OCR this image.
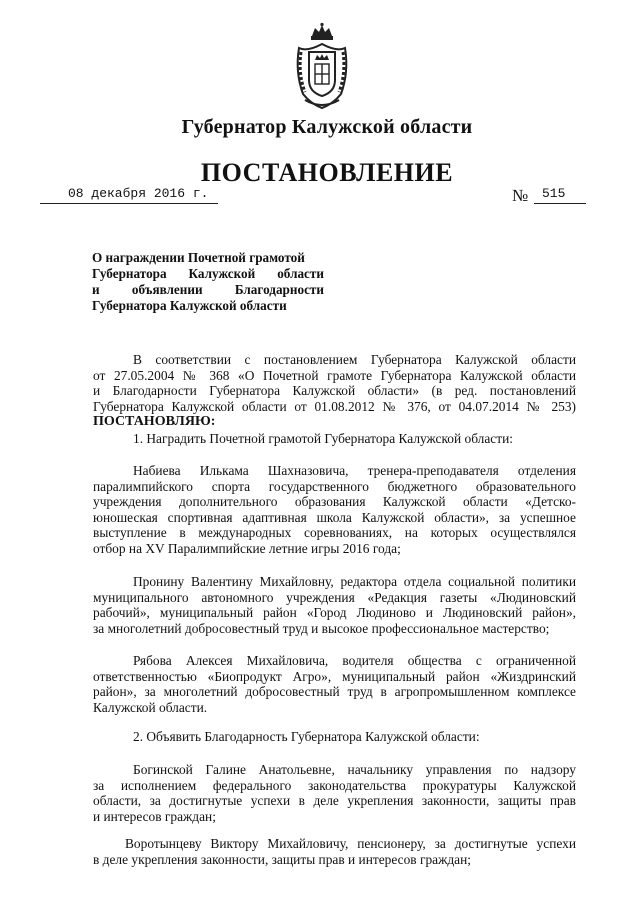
Губернатор Калужской области
ПОСТАНОВЛЕНИЕ
08 декабря 2016 г.	№	515
О награждении Почетной грамотой
Губернатора Калужской области
и объявлении Благодарности
Губернатора Калужской области
В соответствии с постановлением Губернатора Калужской области
от 27.05.2004 № 368 «О Почетной грамоте Губернатора Калужской области
и Благодарности Губернатора Калужской области» (в ред. постановлений
Губернатора Калужской области от 01.08.2012 № 376, от 04.07.2014 № 253)
ПОСТАНОВЛЯЮ:
1. Наградить Почетной грамотой Губернатора Калужской области:
Набиева Илькама Шахназовича, тренера-преподавателя отделения
паралимпийского спорта государственного бюджетного образовательного
учреждения дополнительного образования Калужской области «Детско-
юношеская спортивная адаптивная школа Калужской области», за успешное
выступление в международных соревнованиях, на которых осуществлялся
отбор на XV Паралимпийские летние игры 2016 года;
Пронину Валентину Михайловну, редактора отдела социальной политики
муниципального автономного учреждения «Редакция газеты «Людиновский
рабочий», муниципальный район «Город Людиново и Людиновский район»,
за многолетний добросовестный труд и высокое профессиональное мастерство;
Рябова Алексея Михайловича, водителя общества с ограниченной
ответственностью «Биопродукт Агро», муниципальный район «Жиздринский
район», за многолетний добросовестный труд в агропромышленном комплексе
Калужской области.
2. Объявить Благодарность Губернатора Калужской области:
Богинской Галине Анатольевне, начальнику управления по надзору
за исполнением федерального законодательства прокуратуры Калужской
области, за достигнутые успехи в деле укрепления законности, защиты прав
и интересов граждан;
Воротынцеву Виктору Михайловичу, пенсионеру, за достигнутые успехи
в деле укрепления законности, защиты прав и интересов граждан;
